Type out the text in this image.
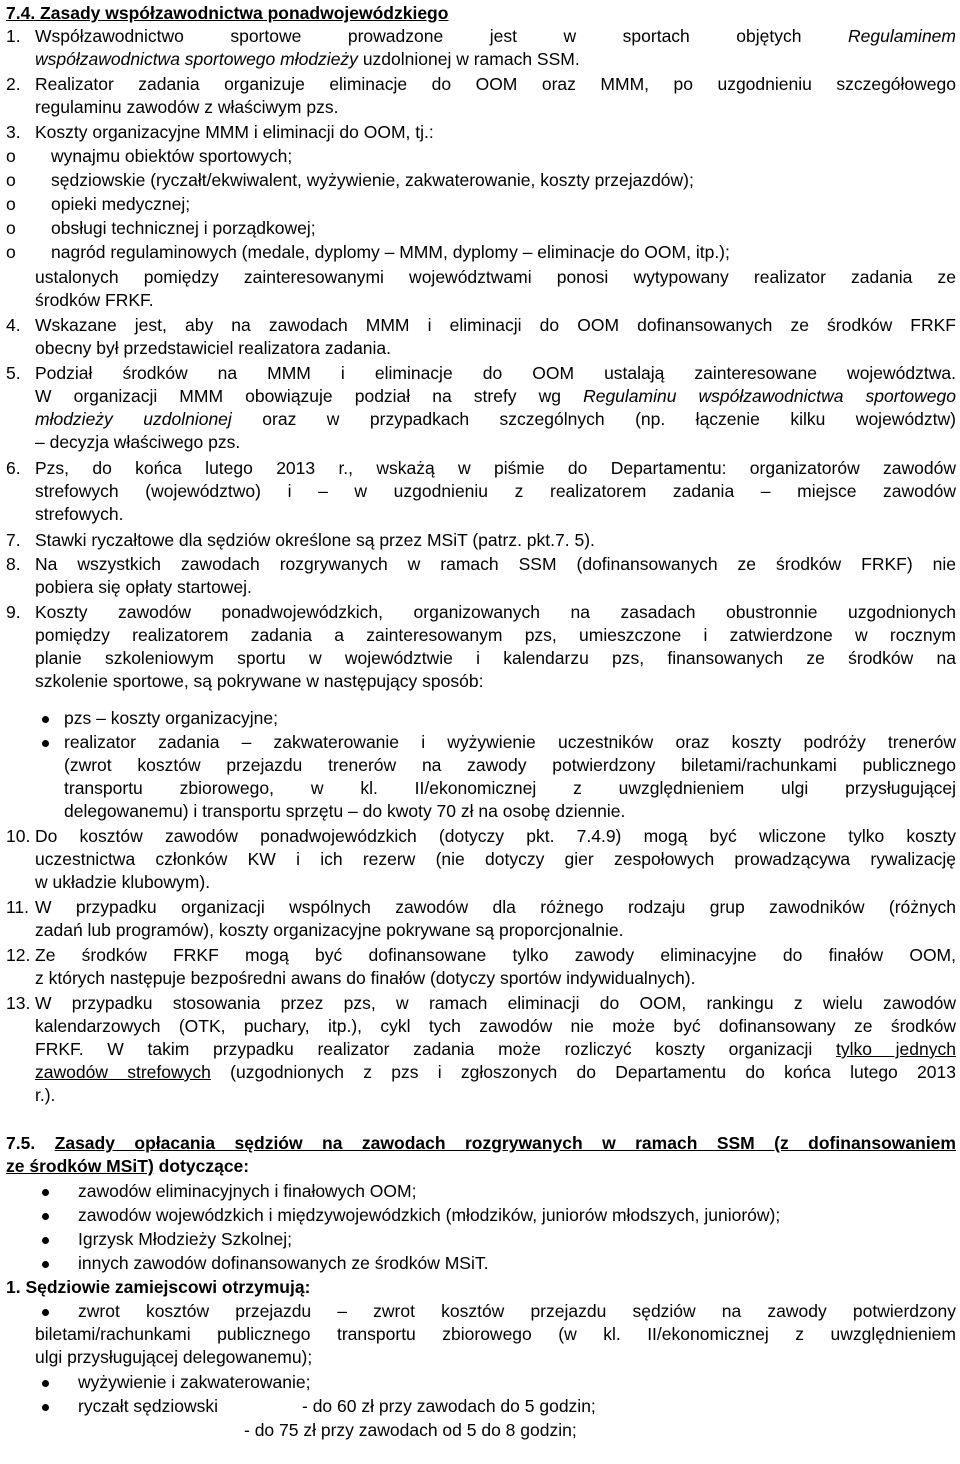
7.4. Zasady współzawodnictwa ponadwojewódzkiego
1. Współzawodnictwo sportowe prowadzone jest w sportach objętych	Regulaminem
współzawodnictwa sportowego młodzieży uzdolnionej w ramach SSM.
2. Realizator zadania organizuje eliminacje do OOM oraz MMM, po uzgodnieniu szczegółowego
regulaminu zawodów z właściwym pzs.
3. Koszty organizacyjne MMM i eliminacji do OOM, tj.:
o wynajmu obiektów sportowych;
o sędziowskie (ryczałt/ekwiwalent, wyżywienie, zakwaterowanie, koszty przejazdów);
o opieki medycznej;
o obsługi technicznej i porządkowej;
o nagród regulaminowych (medale, dyplomy – MMM, dyplomy – eliminacje do OOM, itp.);
ustalonych pomiędzy zainteresowanymi województwami ponosi wytypowany realizator zadania ze
środków FRKF.
4. Wskazane jest, aby na zawodach MMM i eliminacji do OOM dofinansowanych ze środków FRKF
obecny był przedstawiciel realizatora zadania.
5. Podział środków na MMM i eliminacje do OOM ustalają zainteresowane województwa.
W organizacji MMM obowiązuje podział na strefy wg Regulaminu współzawodnictwa sportowego
młodzieży uzdolnionej oraz w przypadkach szczególnych (np. łączenie kilku województw)
– decyzja właściwego pzs.
6. Pzs, do końca lutego 2013 r., wskażą w piśmie do Departamentu: organizatorów zawodów
strefowych (województwo) i – w uzgodnieniu z realizatorem zadania – miejsce zawodów
strefowych.
7. Stawki ryczałtowe dla sędziów określone są przez MSiT (patrz. pkt.7. 5).
8. Na wszystkich zawodach rozgrywanych w ramach SSM (dofinansowanych ze środków FRKF) nie
pobiera się opłaty startowej.
9. Koszty zawodów ponadwojewódzkich, organizowanych na zasadach obustronnie uzgodnionych
pomiędzy realizatorem zadania a zainteresowanym pzs, umieszczone i zatwierdzone w rocznym
planie szkoleniowym sportu w województwie i kalendarzu pzs, finansowanych ze środków na
szkolenie sportowe, są pokrywane w następujący sposób:
pzs – koszty organizacyjne;
realizator zadania – zakwaterowanie i wyżywienie uczestników oraz koszty podróży trenerów
(zwrot kosztów przejazdu trenerów na zawody potwierdzony biletami/rachunkami publicznego
transportu zbiorowego, w kl. II/ekonomicznej z uwzględnieniem ulgi przysługującej
delegowanemu) i transportu sprzętu – do kwoty 70 zł na osobę dziennie.
10. Do kosztów zawodów ponadwojewódzkich (dotyczy pkt. 7.4.9) mogą być wliczone tylko koszty
uczestnictwa członków KW i ich rezerw (nie dotyczy gier zespołowych prowadzącywa rywalizację
w układzie klubowym).
11. W przypadku organizacji wspólnych zawodów dla różnego rodzaju grup zawodników (różnych
zadań lub programów), koszty organizacyjne pokrywane są proporcjonalnie.
12. Ze środków FRKF mogą być dofinansowane tylko zawody eliminacyjne do finałów OOM,
z których następuje bezpośredni awans do finałów (dotyczy sportów indywidualnych).
13. W przypadku stosowania przez pzs, w ramach eliminacji do OOM, rankingu z wielu zawodów
kalendarzowych (OTK, puchary, itp.), cykl tych zawodów nie może być dofinansowany ze środków
FRKF. W takim przypadku realizator zadania może rozliczyć koszty organizacji tylko jednych
zawodów strefowych (uzgodnionych z pzs i zgłoszonych do Departamentu do końca lutego 2013
r.).
7.5. Zasady opłacania sędziów na zawodach rozgrywanych w ramach SSM (z dofinansowaniem
ze środków MSiT) dotyczące:
zawodów eliminacyjnych i finałowych OOM;
zawodów wojewódzkich i międzywojewódzkich (młodzików, juniorów młodszych, juniorów);
Igrzysk Młodzieży Szkolnej;
innych zawodów dofinansowanych ze środków MSiT.
1. Sędziowie zamiejscowi otrzymują:
zwrot kosztów przejazdu – zwrot kosztów przejazdu sędziów na zawody potwierdzony
biletami/rachunkami publicznego transportu zbiorowego (w kl. II/ekonomicznej z uwzględnieniem
ulgi przysługującej delegowanemu);
wyżywienie i zakwaterowanie;
ryczałt sędziowski	- do 60 zł przy zawodach do 5 godzin;
- do 75 zł przy zawodach od 5 do 8 godzin;
